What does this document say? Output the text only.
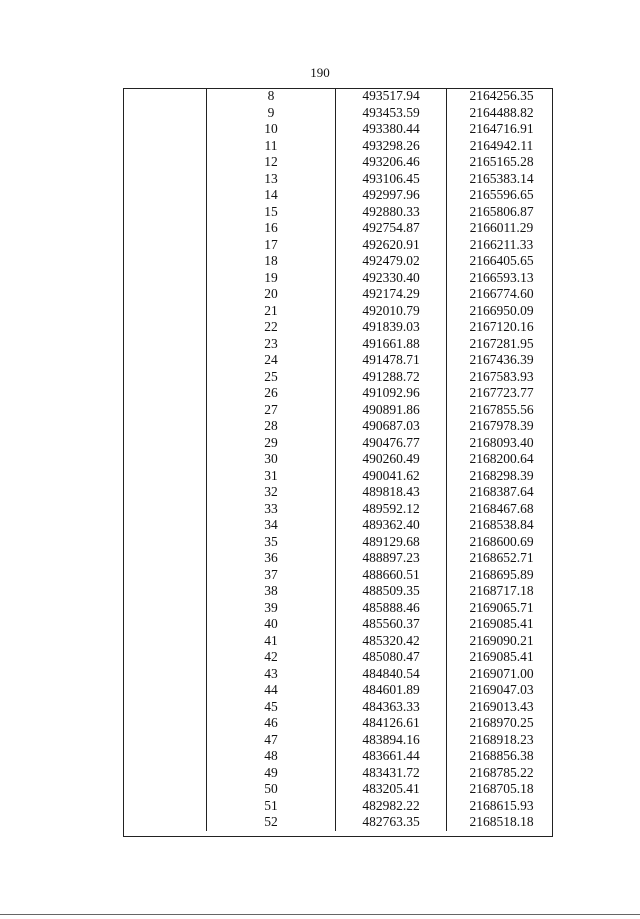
190
	8	493517.94	2164256.35
	9	493453.59	2164488.82
	10	493380.44	2164716.91
	11	493298.26	2164942.11
	12	493206.46	2165165.28
	13	493106.45	2165383.14
	14	492997.96	2165596.65
	15	492880.33	2165806.87
	16	492754.87	2166011.29
	17	492620.91	2166211.33
	18	492479.02	2166405.65
	19	492330.40	2166593.13
	20	492174.29	2166774.60
	21	492010.79	2166950.09
	22	491839.03	2167120.16
	23	491661.88	2167281.95
	24	491478.71	2167436.39
	25	491288.72	2167583.93
	26	491092.96	2167723.77
	27	490891.86	2167855.56
	28	490687.03	2167978.39
	29	490476.77	2168093.40
	30	490260.49	2168200.64
	31	490041.62	2168298.39
	32	489818.43	2168387.64
	33	489592.12	2168467.68
	34	489362.40	2168538.84
	35	489129.68	2168600.69
	36	488897.23	2168652.71
	37	488660.51	2168695.89
	38	488509.35	2168717.18
	39	485888.46	2169065.71
	40	485560.37	2169085.41
	41	485320.42	2169090.21
	42	485080.47	2169085.41
	43	484840.54	2169071.00
	44	484601.89	2169047.03
	45	484363.33	2169013.43
	46	484126.61	2168970.25
	47	483894.16	2168918.23
	48	483661.44	2168856.38
	49	483431.72	2168785.22
	50	483205.41	2168705.18
	51	482982.22	2168615.93
	52	482763.35	2168518.18
